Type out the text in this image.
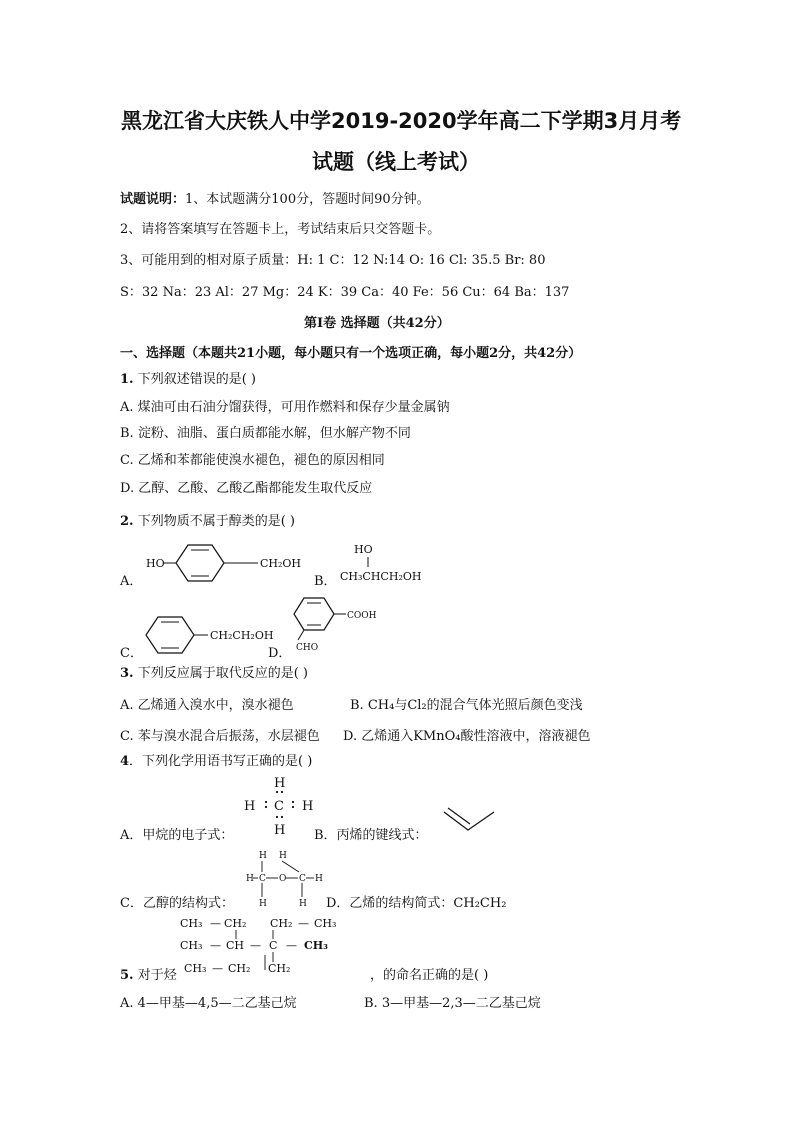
黑龙江省大庆铁人中学2019-2020学年高二下学期3月月考
试题（线上考试）
试题说明：1、本试题满分100分，答题时间90分钟。
2、请将答案填写在答题卡上，考试结束后只交答题卡。
3、可能用到的相对原子质量：H: 1 C：12 N:14 O: 16 Cl: 35.5 Br: 80
S：32 Na：23 Al：27 Mg：24 K：39 Ca：40 Fe：56 Cu：64 Ba：137
第Ⅰ卷 选择题（共42分）
一、选择题（本题共21小题，每小题只有一个选项正确，每小题2分，共42分）
1. 下列叙述错误的是( )
A. 煤油可由石油分馏获得，可用作燃料和保存少量金属钠
B. 淀粉、油脂、蛋白质都能水解，但水解产物不同
C. 乙烯和苯都能使溴水褪色，褪色的原因相同
D. 乙醇、乙酸、乙酸乙酯都能发生取代反应
2. 下列物质不属于醇类的是( )
A．	B．
C．	D．
HO	CH₂OH
HO
CH₃CHCH₂OH
CH₂CH₂OH
COOH
CHO
3. 下列反应属于取代反应的是( )
A. 乙烯通入溴水中，溴水褪色	B. CH₄与Cl₂的混合气体光照后颜色变浅
C. 苯与溴水混合后振荡，水层褪色 D. 乙烯通入KMnO₄酸性溶液中，溶液褪色
4．下列化学用语书写正确的是( )
H
H C H
H
A．甲烷的电子式：	B．丙烯的键线式：
H H
H C O C H
H	H
C．乙醇的结构式：	D．乙烯的结构简式：CH₂CH₂
CH₃ — CH₂ CH₂ — CH₃
CH₃ — CH — C — CH₃
CH₃ — CH₂ CH₂
5. 对于烃	，的命名正确的是( )
A. 4—甲基—4,5—二乙基己烷	B. 3—甲基—2,3—二乙基己烷
